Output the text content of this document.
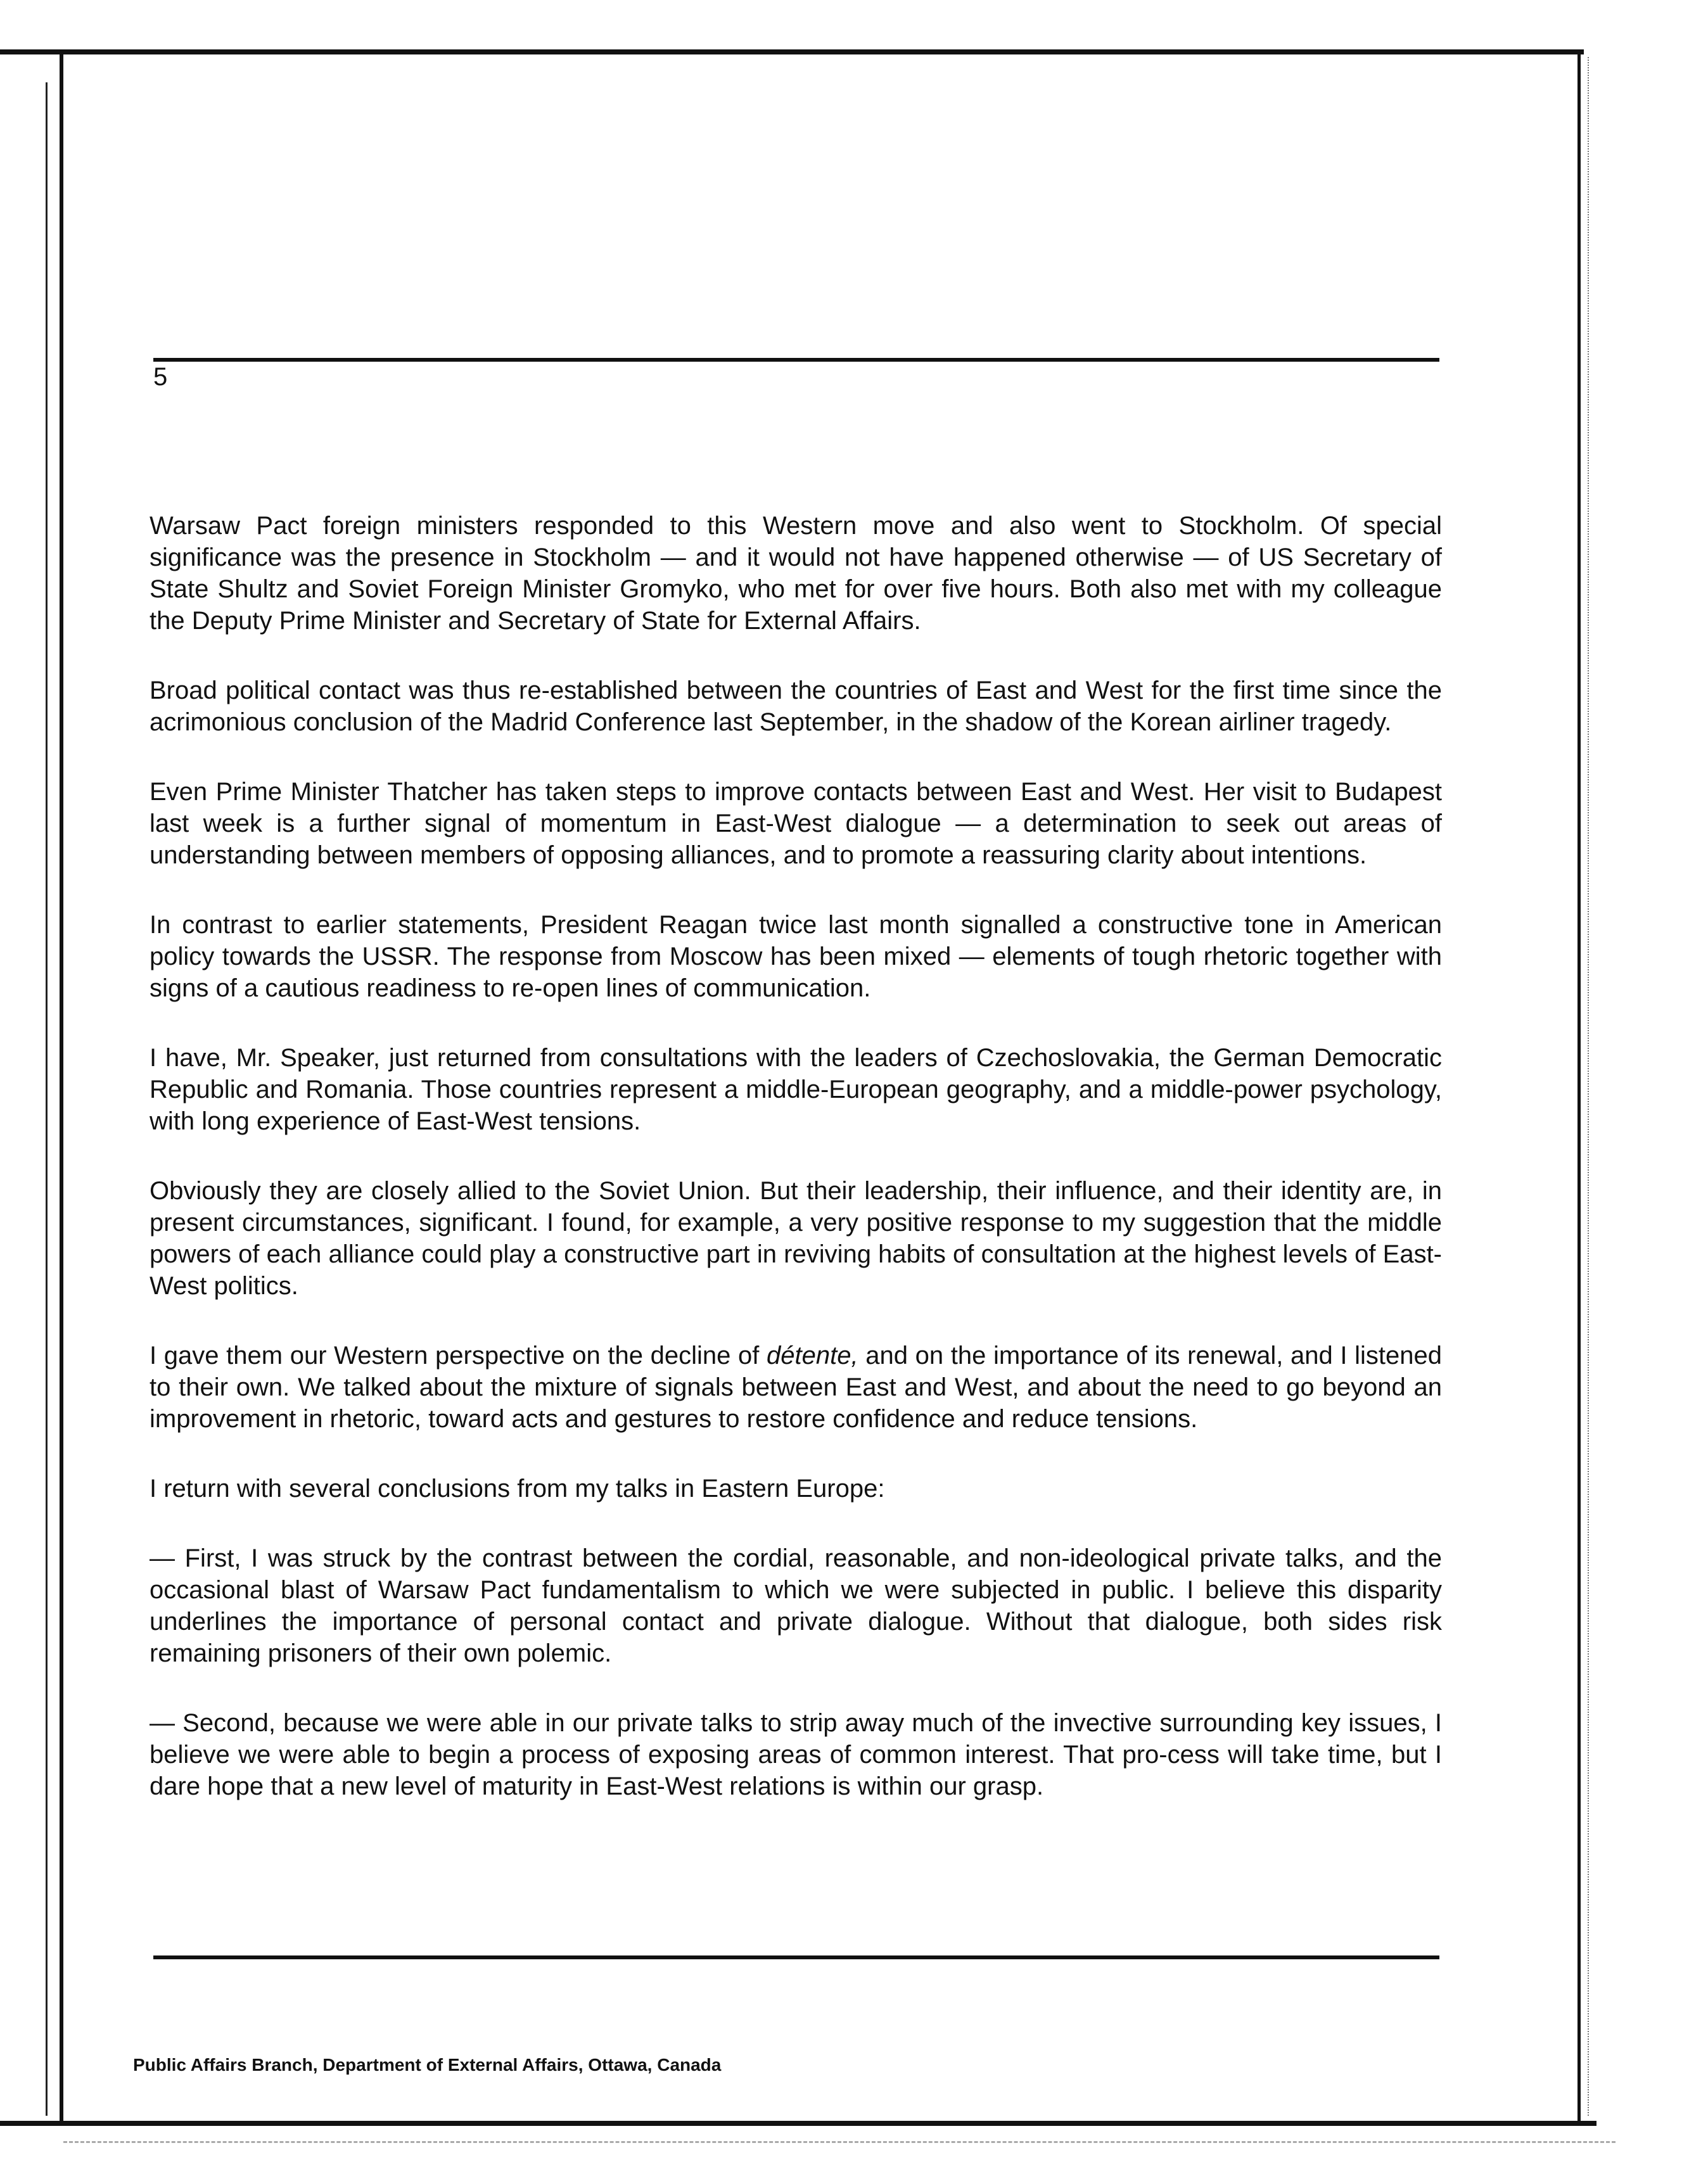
5

Warsaw Pact foreign ministers responded to this Western move and also went to Stockholm. Of special significance was the presence in Stockholm — and it would not have happened otherwise — of US Secretary of State Shultz and Soviet Foreign Minister Gromyko, who met for over five hours. Both also met with my colleague the Deputy Prime Minister and Secretary of State for External Affairs.

Broad political contact was thus re-established between the countries of East and West for the first time since the acrimonious conclusion of the Madrid Conference last September, in the shadow of the Korean airliner tragedy.

Even Prime Minister Thatcher has taken steps to improve contacts between East and West. Her visit to Budapest last week is a further signal of momentum in East-West dialogue — a determination to seek out areas of understanding between members of opposing alliances, and to promote a reassuring clarity about intentions.

In contrast to earlier statements, President Reagan twice last month signalled a constructive tone in American policy towards the USSR. The response from Moscow has been mixed — elements of tough rhetoric together with signs of a cautious readiness to re-open lines of communication.

I have, Mr. Speaker, just returned from consultations with the leaders of Czechoslovakia, the German Democratic Republic and Romania. Those countries represent a middle-European geography, and a middle-power psychology, with long experience of East-West tensions.

Obviously they are closely allied to the Soviet Union. But their leadership, their influence, and their identity are, in present circumstances, significant. I found, for example, a very positive response to my suggestion that the middle powers of each alliance could play a constructive part in reviving habits of consultation at the highest levels of East-West politics.

I gave them our Western perspective on the decline of détente, and on the importance of its renewal, and I listened to their own. We talked about the mixture of signals between East and West, and about the need to go beyond an improvement in rhetoric, toward acts and gestures to restore confidence and reduce tensions.

I return with several conclusions from my talks in Eastern Europe:

— First, I was struck by the contrast between the cordial, reasonable, and non-ideological private talks, and the occasional blast of Warsaw Pact fundamentalism to which we were subjected in public. I believe this disparity underlines the importance of personal contact and private dialogue. Without that dialogue, both sides risk remaining prisoners of their own polemic.

— Second, because we were able in our private talks to strip away much of the invective surrounding key issues, I believe we were able to begin a process of exposing areas of common interest. That pro-cess will take time, but I dare hope that a new level of maturity in East-West relations is within our grasp.

Public Affairs Branch, Department of External Affairs, Ottawa, Canada
